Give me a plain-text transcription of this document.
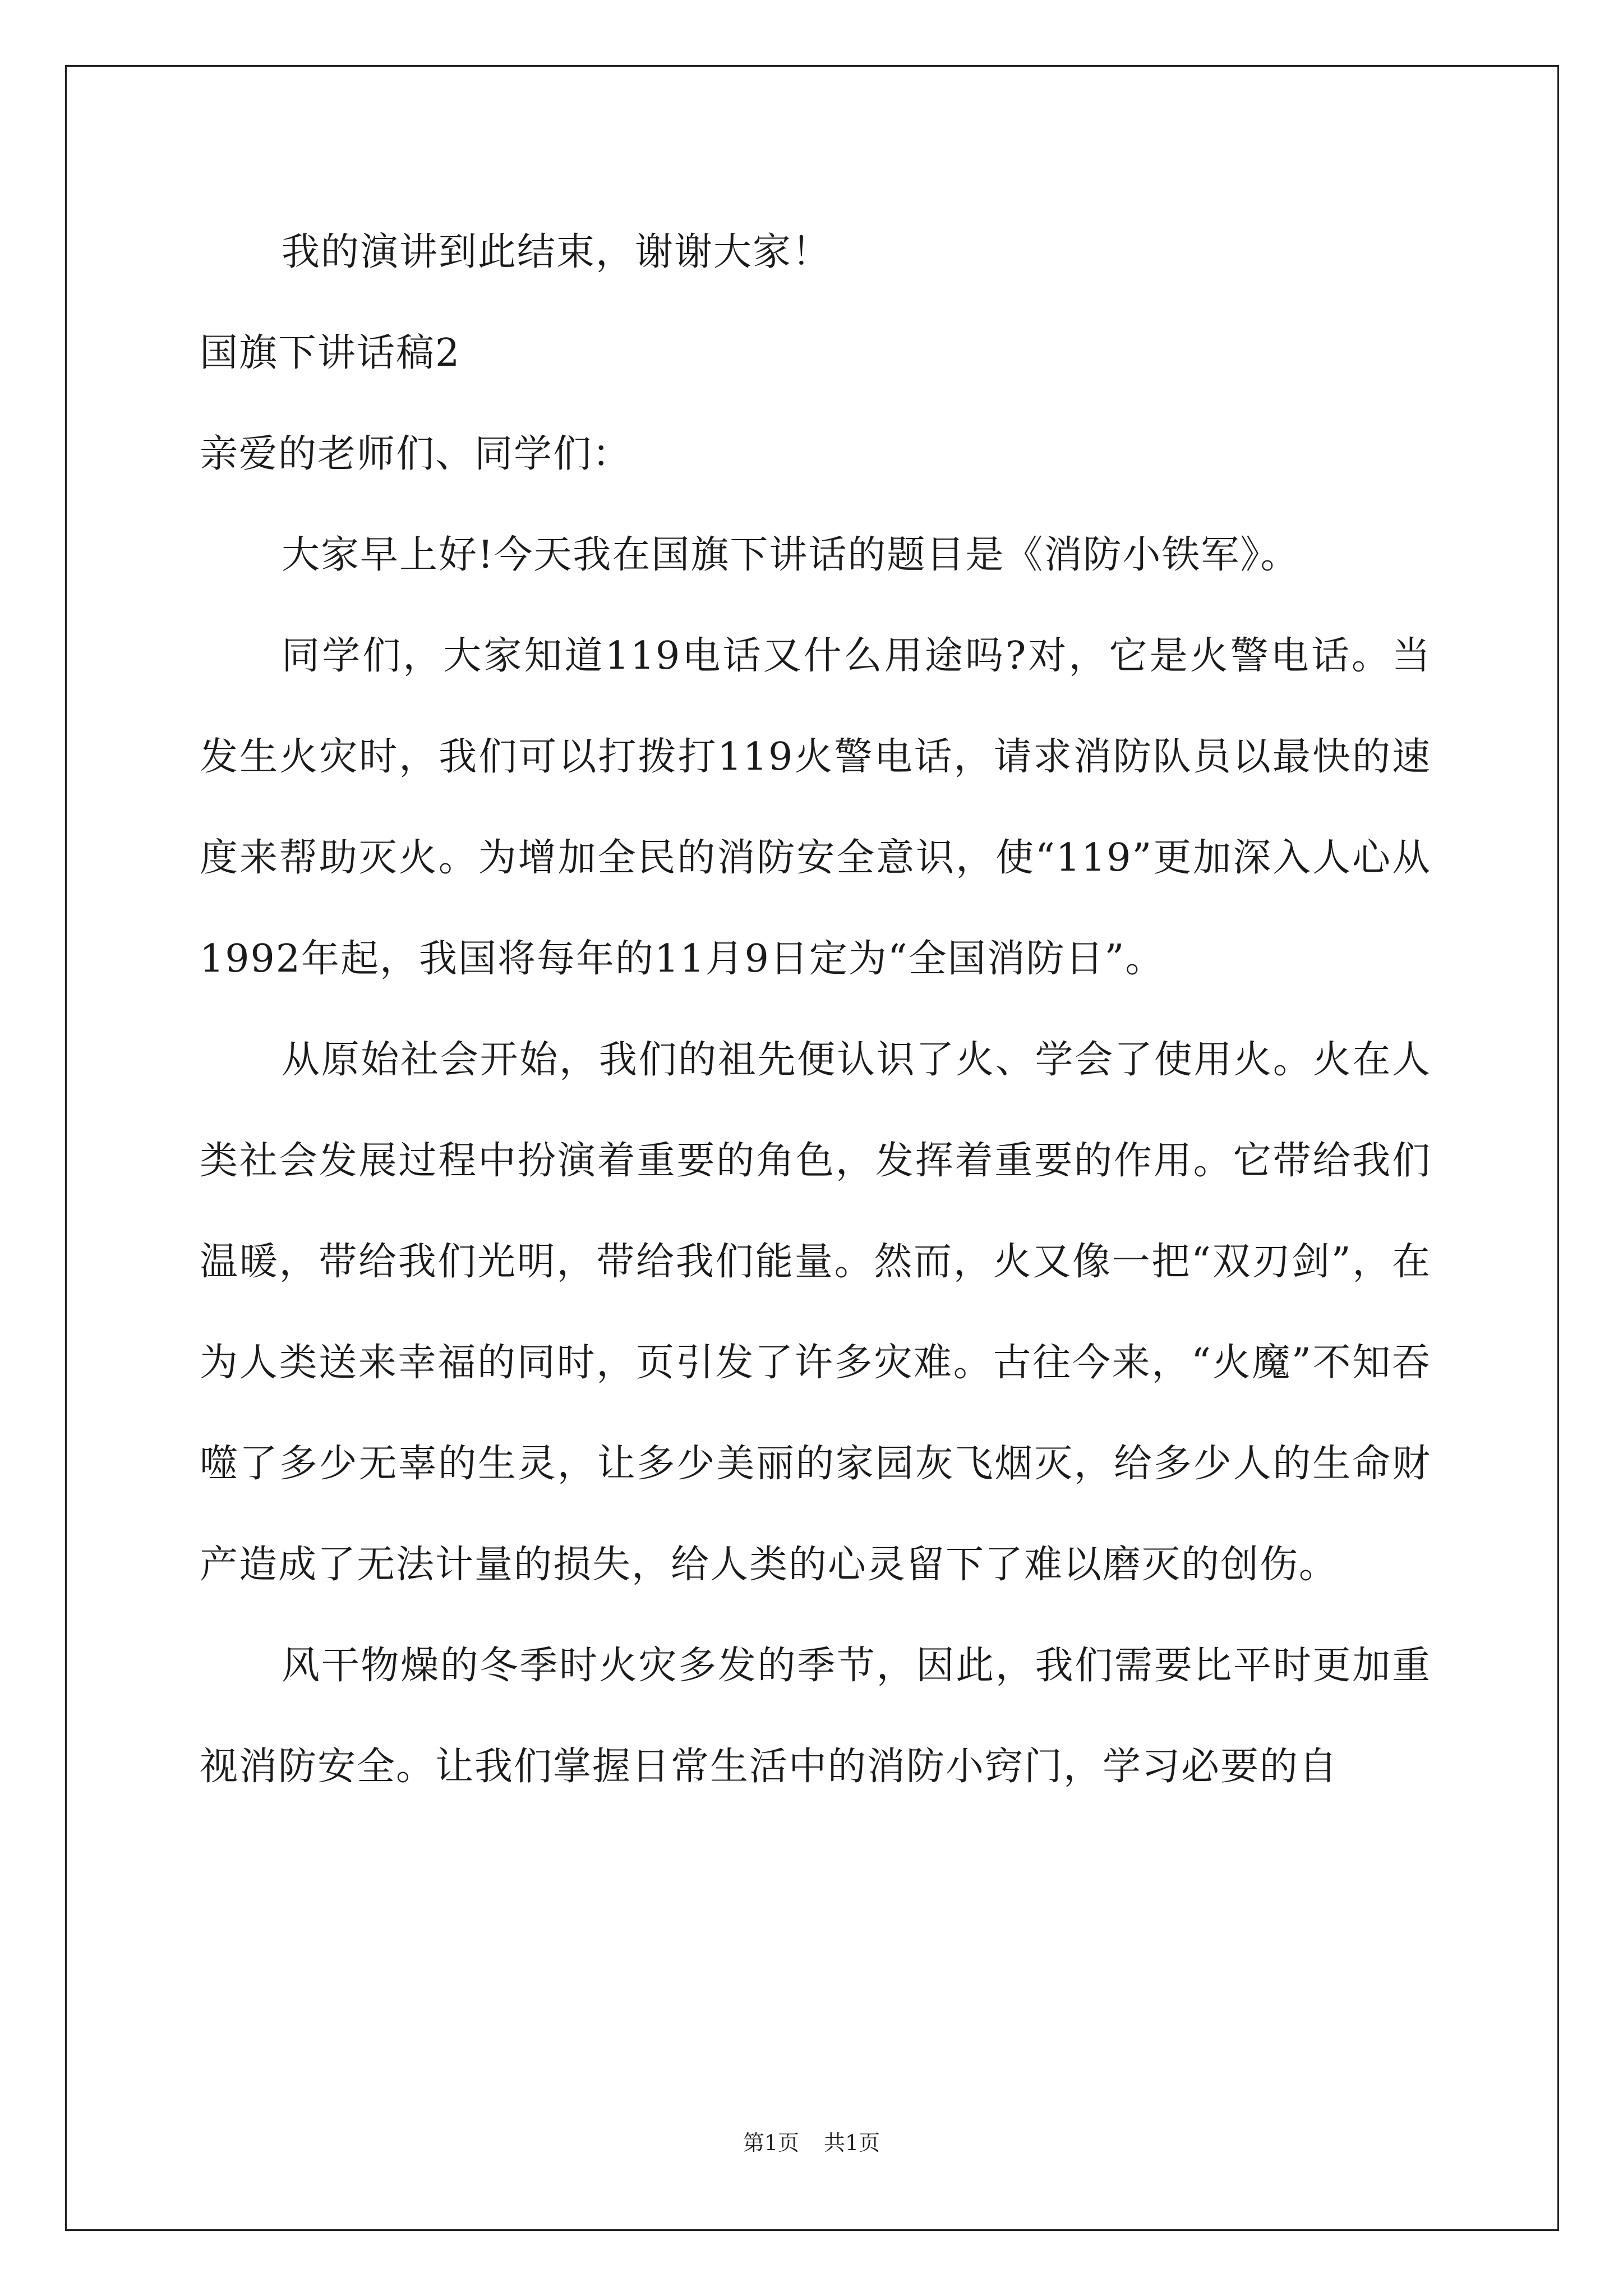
我的演讲到此结束，谢谢大家！

国旗下讲话稿2

亲爱的老师们、同学们：

大家早上好!今天我在国旗下讲话的题目是《消防小铁军》。

同学们，大家知道119电话又什么用途吗?对，它是火警电话。当发生火灾时，我们可以打拨打119火警电话，请求消防队员以最快的速度来帮助灭火。为增加全民的消防安全意识，使“119”更加深入人心从1992年起，我国将每年的11月9日定为“全国消防日”。

从原始社会开始，我们的祖先便认识了火、学会了使用火。火在人类社会发展过程中扮演着重要的角色，发挥着重要的作用。它带给我们温暖，带给我们光明，带给我们能量。然而，火又像一把“双刃剑”，在为人类送来幸福的同时，页引发了许多灾难。古往今来，“火魔”不知吞噬了多少无辜的生灵，让多少美丽的家园灰飞烟灭，给多少人的生命财产造成了无法计量的损失，给人类的心灵留下了难以磨灭的创伤。

风干物燥的冬季时火灾多发的季节，因此，我们需要比平时更加重视消防安全。让我们掌握日常生活中的消防小窍门，学习必要的自

第1页 共1页
